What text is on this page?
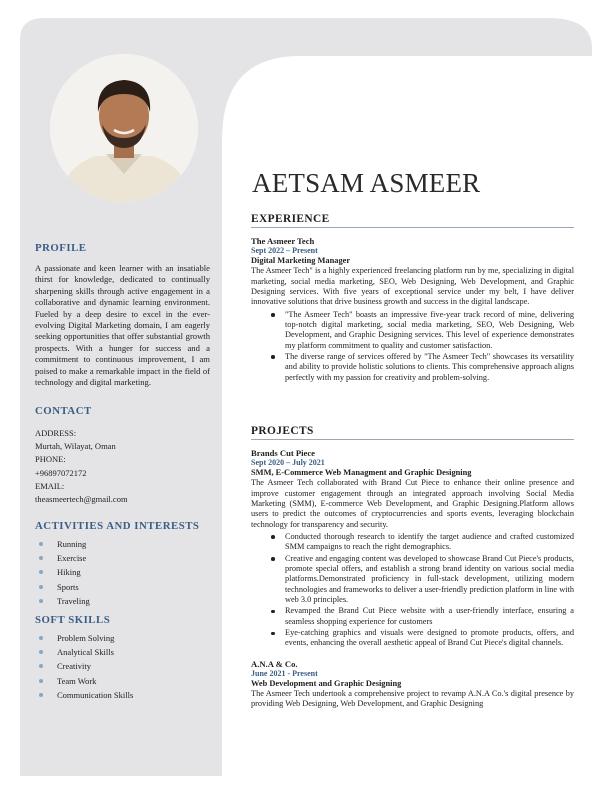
AETSAM ASMEER
PROFILE
A passionate and keen learner with an insatiable thirst for knowledge, dedicated to continually sharpening skills through active engagement in a collaborative and dynamic learning environment. Fueled by a deep desire to excel in the ever-evolving Digital Marketing domain, I am eagerly seeking opportunities that offer substantial growth prospects. With a hunger for success and a commitment to continuous improvement, I am poised to make a remarkable impact in the field of technology and digital marketing.
CONTACT
ADDRESS:
Murtah, Wilayat, Oman
PHONE:
+96897072172
EMAIL:
theasmeertech@gmail.com
ACTIVITIES AND INTERESTS
Running
Exercise
Hiking
Sports
Traveling
SOFT SKILLS
Problem Solving
Analytical Skills
Creativity
Team Work
Communication Skills
EXPERIENCE
The Asmeer Tech
Sept 2022 – Present
Digital Marketing Manager
The Asmeer Tech" is a highly experienced freelancing platform run by me, specializing in digital marketing, social media marketing, SEO, Web Designing, Web Development, and Graphic Designing services. With five years of exceptional service under my belt, I have deliver innovative solutions that drive business growth and success in the digital landscape.
"The Asmeer Tech" boasts an impressive five-year track record of mine, delivering top-notch digital marketing, social media marketing, SEO, Web Designing, Web Development, and Graphic Designing services. This level of experience demonstrates my platform commitment to quality and customer satisfaction.
The diverse range of services offered by "The Asmeer Tech" showcases its versatility and ability to provide holistic solutions to clients. This comprehensive approach aligns perfectly with my passion for creativity and problem-solving.
PROJECTS
Brands Cut Piece
Sept 2020 – July 2021
SMM, E-Commerce Web Managment and Graphic Designing
The Asmeer Tech collaborated with Brand Cut Piece to enhance their online presence and improve customer engagement through an integrated approach involving Social Media Marketing (SMM), E-commerce Web Development, and Graphic Designing.Platform allows users to predict the outcomes of cryptocurrencies and sports events, leveraging blockchain technology for transparency and security.
Conducted thorough research to identify the target audience and crafted customized SMM campaigns to reach the right demographics.
Creative and engaging content was developed to showcase Brand Cut Piece's products, promote special offers, and establish a strong brand identity on various social media platforms.Demonstrated proficiency in full-stack development, utilizing modern technologies and frameworks to deliver a user-friendly prediction platform in line with web 3.0 principles.
Revamped the Brand Cut Piece website with a user-friendly interface, ensuring a seamless shopping experience for customers
Eye-catching graphics and visuals were designed to promote products, offers, and events, enhancing the overall aesthetic appeal of Brand Cut Piece's digital channels.
A.N.A & Co.
June 2021 - Present
Web Development and Graphic Designing
The Asmeer Tech undertook a comprehensive project to revamp A.N.A Co.'s digital presence by providing Web Designing, Web Development, and Graphic Designing
